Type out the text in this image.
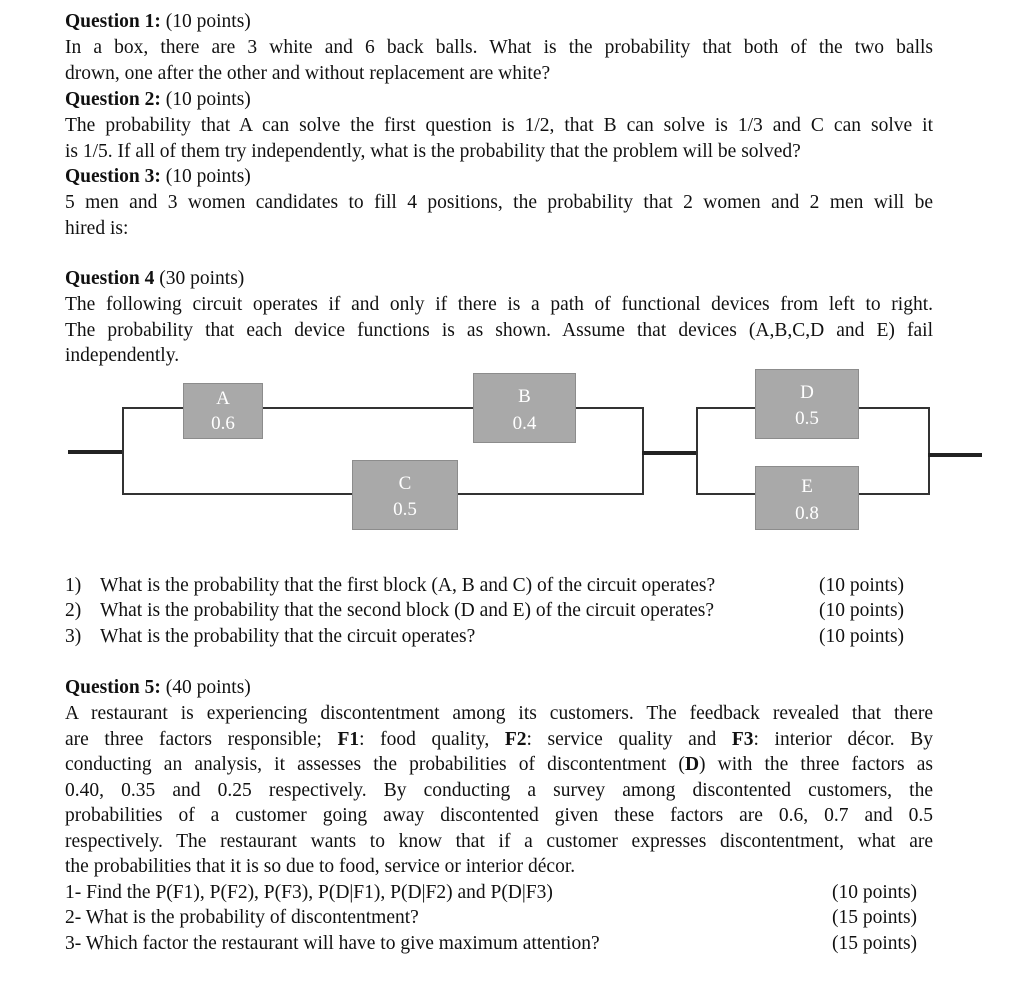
Question 1: (10 points)
In a box, there are 3 white and 6 back balls. What is the probability that both of the two balls
drown, one after the other and without replacement are white?
Question 2: (10 points)
The probability that A can solve the first question is 1/2, that B can solve is 1/3 and C can solve it
is 1/5. If all of them try independently, what is the probability that the problem will be solved?
Question 3: (10 points)
5 men and 3 women candidates to fill 4 positions, the probability that 2 women and 2 men will be
hired is:
Question 4 (30 points)
The following circuit operates if and only if there is a path of functional devices from left to right.
The probability that each device functions is as shown. Assume that devices (A,B,C,D and E) fail
independently.
A
0.6
B
0.4
C
0.5
D
0.5
E
0.8
1) What is the probability that the first block (A, B and C) of the circuit operates?	(10 points)
2) What is the probability that the second block (D and E) of the circuit operates?	(10 points)
3) What is the probability that the circuit operates?	(10 points)
Question 5: (40 points)
A restaurant is experiencing discontentment among its customers. The feedback revealed that there
are three factors responsible; F1: food quality, F2: service quality and F3: interior décor. By
conducting an analysis, it assesses the probabilities of discontentment (D) with the three factors as
0.40, 0.35 and 0.25 respectively. By conducting a survey among discontented customers, the
probabilities of a customer going away discontented given these factors are 0.6, 0.7 and 0.5
respectively. The restaurant wants to know that if a customer expresses discontentment, what are
the probabilities that it is so due to food, service or interior décor.
1- Find the P(F1), P(F2), P(F3), P(D|F1), P(D|F2) and P(D|F3)	(10 points)
2- What is the probability of discontentment?	(15 points)
3- Which factor the restaurant will have to give maximum attention?	(15 points)
